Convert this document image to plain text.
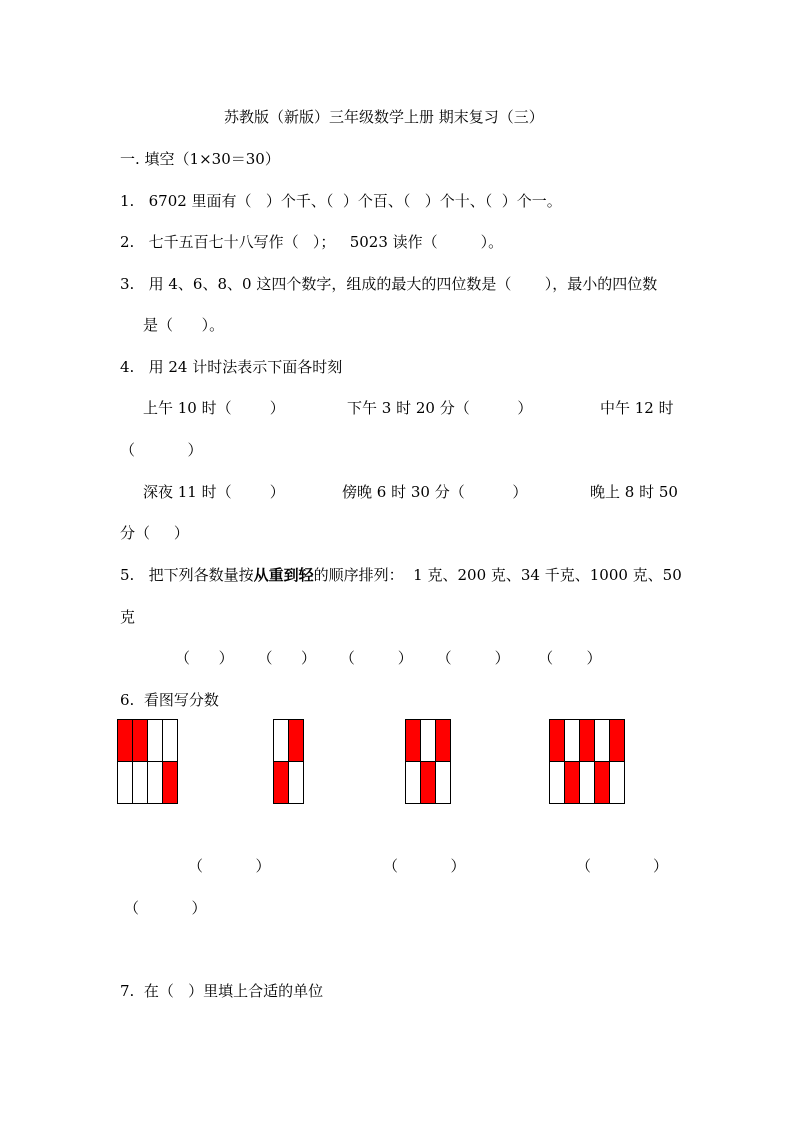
苏教版（新版）三年级数学上册 期末复习（三）
一. 填空（1×30＝30）
1.   6702 里面有（   ）个千、（  ）个百、（   ）个十、（  ）个一。
2.   七千五百七十八写作（   ）；   5023 读作（         ）。
3.   用 4、6、8、0 这四个数字，组成的最大的四位数是（       ），最小的四位数
是（      ）。
4.   用 24 计时法表示下面各时刻
上午 10 时（        ）	下午 3 时 20 分（          ）	中午 12 时
（           ）
深夜 11 时（        ）	傍晚 6 时 30 分（          ）	晚上 8 时 50
分（     ）
5.   把下列各数量按从重到轻的顺序排列：  1 克、200 克、34 千克、1000 克、50
克
（      ）     （      ）     （         ）     （         ）      （       ）
6.  看图写分数
（           ）	（           ）	（             ）
（           ）
7.  在（   ）里填上合适的单位
